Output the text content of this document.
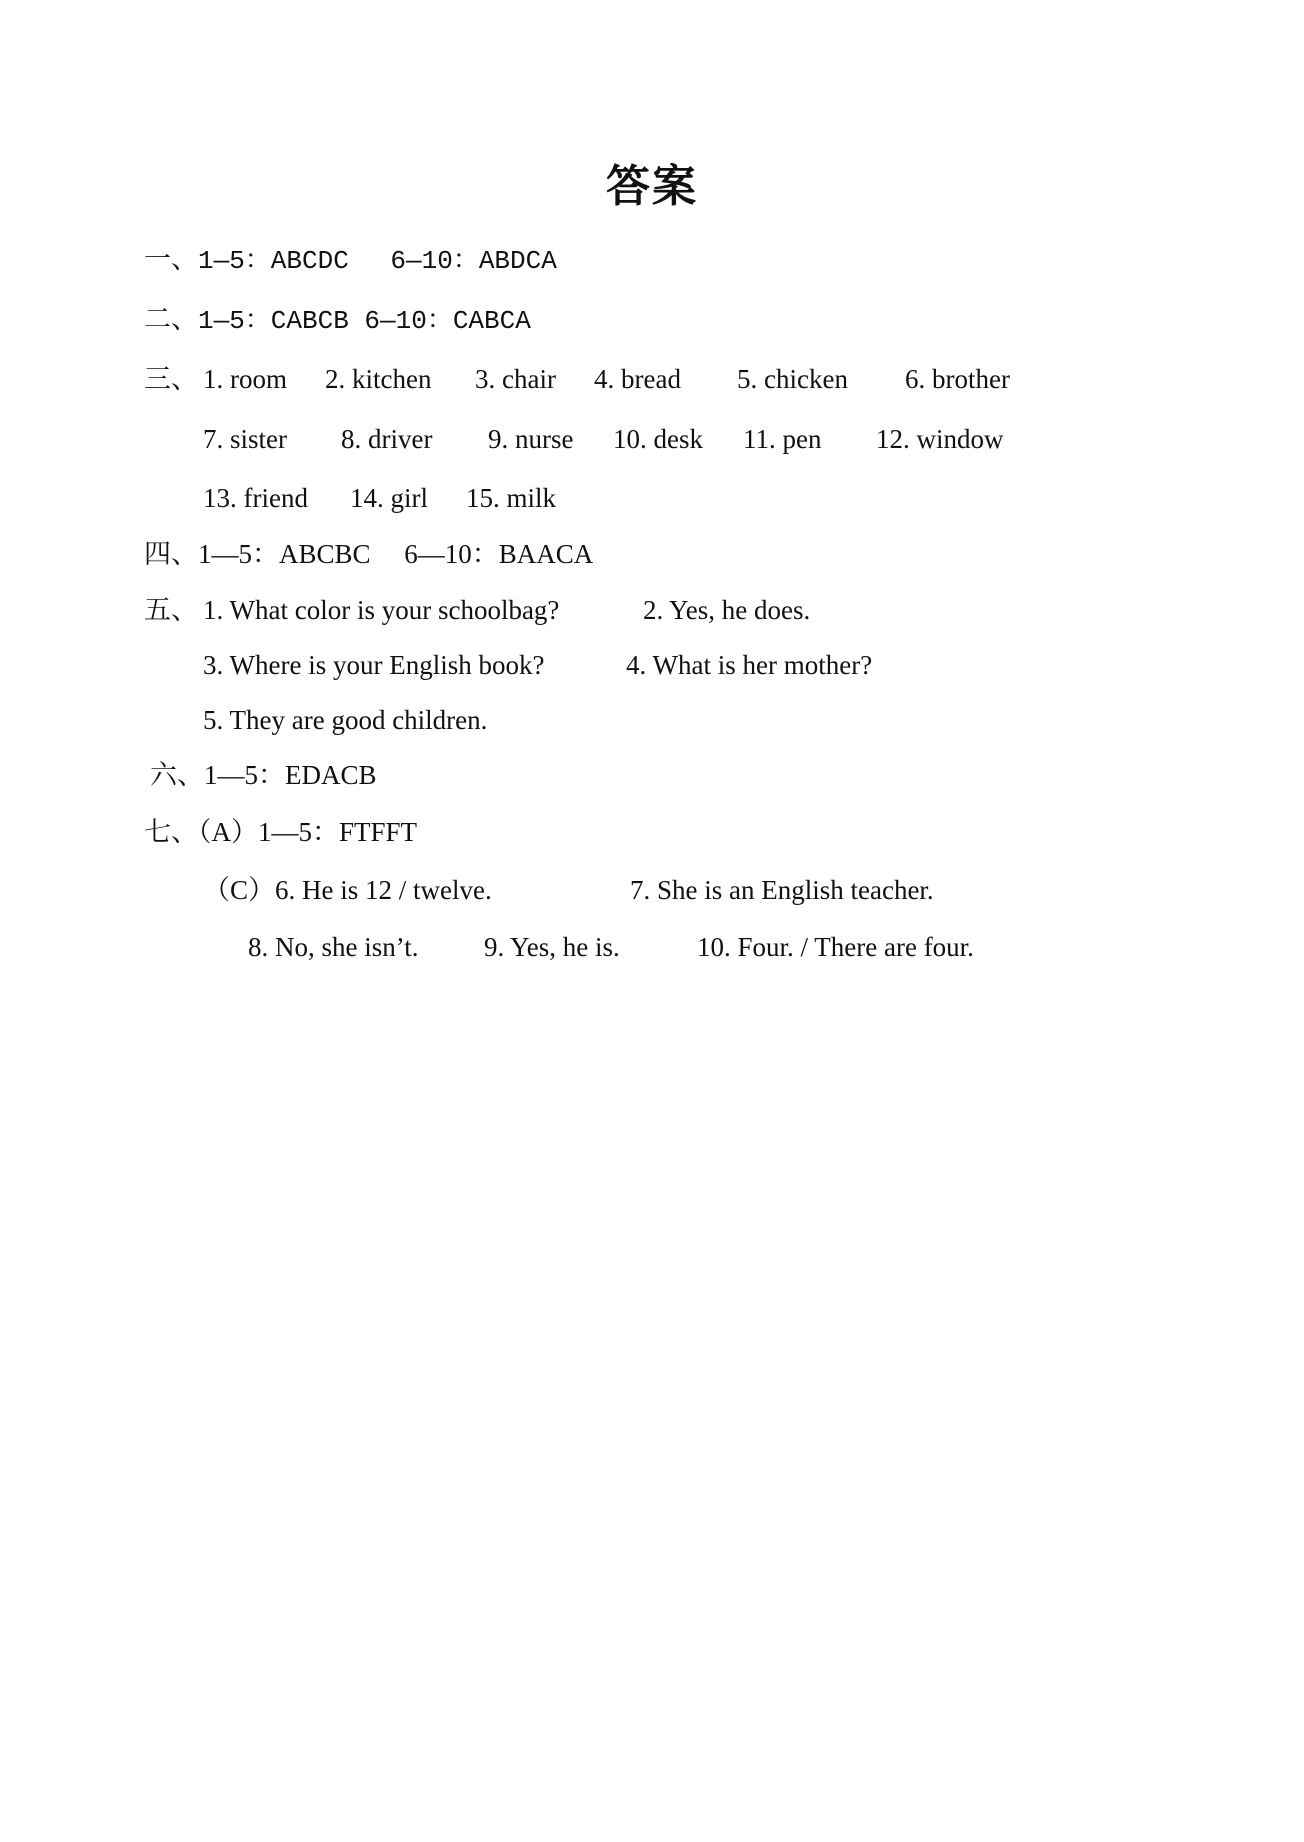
答案
一、1—5：ABCDC　 6—10：ABDCA
二、1—5：CABCB 6—10：CABCA
三、 1. room 2. kitchen 3. chair 4. bread 5. chicken 6. brother
7. sister 8. driver 9. nurse 10. desk 11. pen 12. window
13. friend 14. girl 15. milk
四、1—5：ABCBC　 6—10：BAACA
五、 1. What color is your schoolbag?	2. Yes, he does.
3. Where is your English book?	4. What is her mother?
5. They are good children.
六、1—5：EDACB
七、（A）1—5：FTFFT
（C）6. He is 12 / twelve.	7. She is an English teacher.
8. No, she isn’t. 9. Yes, he is.	10. Four. / There are four.
